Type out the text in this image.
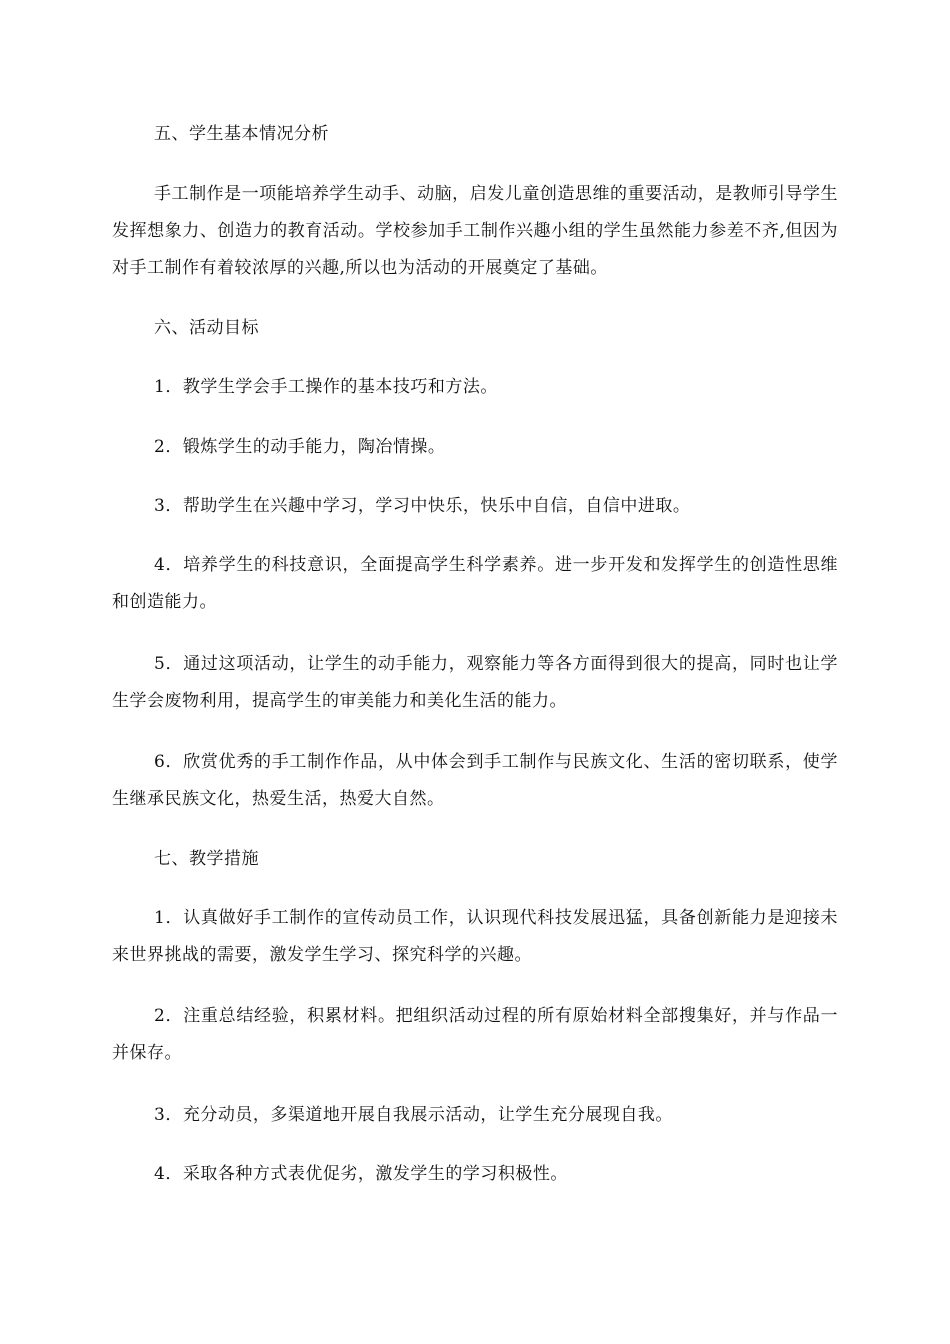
五、学生基本情况分析

手工制作是一项能培养学生动手、动脑，启发儿童创造思维的重要活动，是教师引导学生发挥想象力、创造力的教育活动。学校参加手工制作兴趣小组的学生虽然能力参差不齐,但因为对手工制作有着较浓厚的兴趣,所以也为活动的开展奠定了基础。

六、活动目标

1．教学生学会手工操作的基本技巧和方法。

2．锻炼学生的动手能力，陶冶情操。

3．帮助学生在兴趣中学习，学习中快乐，快乐中自信，自信中进取。

4．培养学生的科技意识，全面提高学生科学素养。进一步开发和发挥学生的创造性思维和创造能力。

5．通过这项活动，让学生的动手能力，观察能力等各方面得到很大的提高，同时也让学生学会废物利用，提高学生的审美能力和美化生活的能力。

6．欣赏优秀的手工制作作品，从中体会到手工制作与民族文化、生活的密切联系，使学生继承民族文化，热爱生活，热爱大自然。

七、教学措施

1．认真做好手工制作的宣传动员工作，认识现代科技发展迅猛，具备创新能力是迎接未来世界挑战的需要，激发学生学习、探究科学的兴趣。

2．注重总结经验，积累材料。把组织活动过程的所有原始材料全部搜集好，并与作品一并保存。

3．充分动员，多渠道地开展自我展示活动，让学生充分展现自我。

4．采取各种方式表优促劣，激发学生的学习积极性。
